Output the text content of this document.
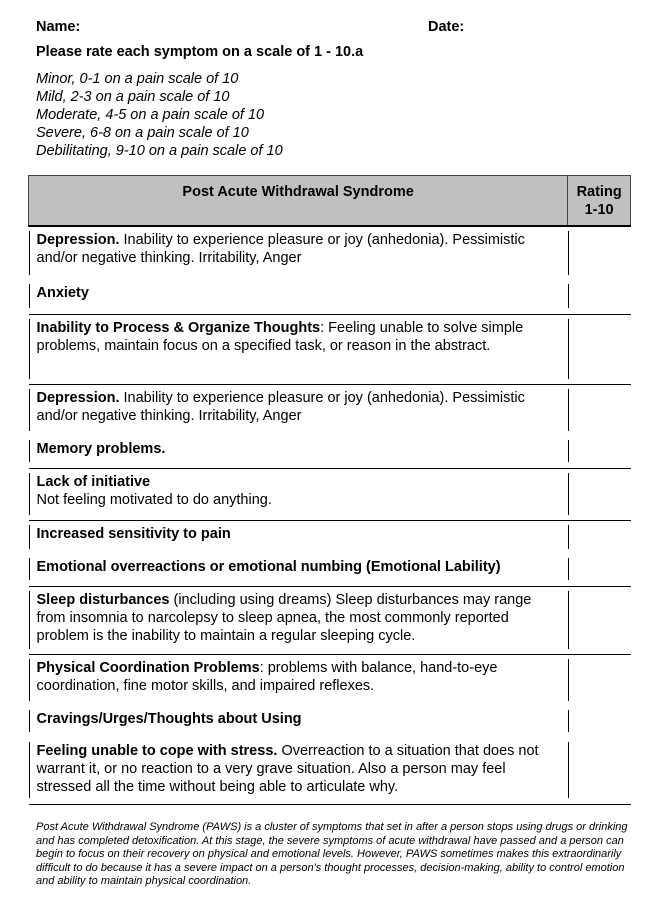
Name:	Date:
Please rate each symptom on a scale of 1 - 10.a
Minor, 0-1 on a pain scale of 10
Mild, 2-3 on a pain scale of 10
Moderate, 4-5 on a pain scale of 10
Severe, 6-8 on a pain scale of 10
Debilitating, 9-10 on a pain scale of 10
Post Acute Withdrawal Syndrome	Rating
1-10

Depression. Inability to experience pleasure or joy (anhedonia). Pessimistic and/or negative thinking. Irritability, Anger	

Anxiety	

Inability to Process & Organize Thoughts: Feeling unable to solve simple problems, maintain focus on a specified task, or reason in the abstract.	

Depression. Inability to experience pleasure or joy (anhedonia). Pessimistic and/or negative thinking. Irritability, Anger	

Memory problems.	

Lack of initiative
Not feeling motivated to do anything.	

Increased sensitivity to pain	

Emotional overreactions or emotional numbing (Emotional Lability)	

Sleep disturbances (including using dreams) Sleep disturbances may range from insomnia to narcolepsy to sleep apnea, the most commonly reported problem is the inability to maintain a regular sleeping cycle.	

Physical Coordination Problems: problems with balance, hand-to-eye coordination, fine motor skills, and impaired reflexes.	

Cravings/Urges/Thoughts about Using	

Feeling unable to cope with stress. Overreaction to a situation that does not warrant it, or no reaction to a very grave situation. Also a person may feel stressed all the time without being able to articulate why.	

Post Acute Withdrawal Syndrome (PAWS) is a cluster of symptoms that set in after a person stops using drugs or drinking and has completed detoxification. At this stage, the severe symptoms of acute withdrawal have passed and a person can begin to focus on their recovery on physical and emotional levels. However, PAWS sometimes makes this extraordinarily difficult to do because it has a severe impact on a person's thought processes, decision-making, ability to control emotion and ability to maintain physical coordination.
